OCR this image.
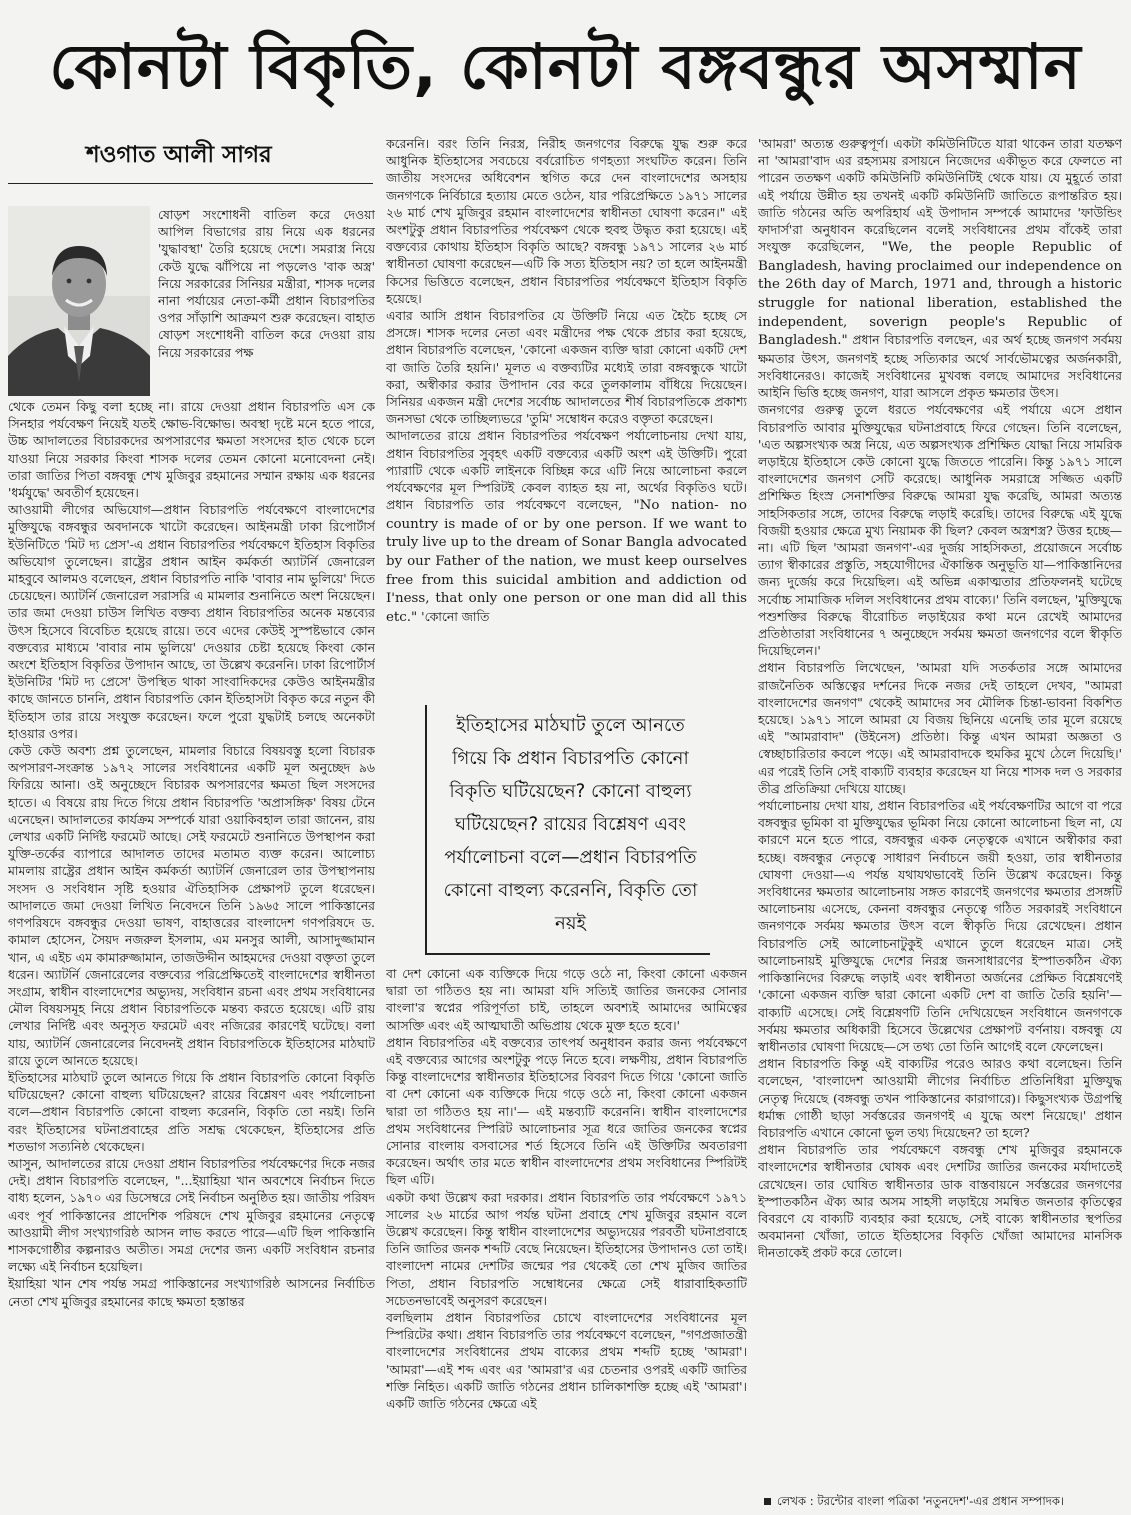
কোনটা বিকৃতি, কোনটা বঙ্গবন্ধুর অসম্মান
শওগাত আলী সাগর

ষোড়শ সংশোধনী বাতিল করে দেওয়া আপিল বিভাগের রায় নিয়ে এক ধরনের 'যুদ্ধাবস্থা' তৈরি হয়েছে দেশে। সমরাস্ত্র নিয়ে কেউ যুদ্ধে ঝাঁপিয়ে না পড়লেও 'বাক অস্ত্র' নিয়ে সরকারের সিনিয়র মন্ত্রীরা, শাসক দলের নানা পর্যায়ের নেতা-কর্মী প্রধান বিচারপতির ওপর সাঁড়াশি আক্রমণ শুরু করেছেন। বাহাত ষোড়শ সংশোধনী বাতিল করে দেওয়া রায় নিয়ে সরকারের পক্ষ

থেকে তেমন কিছু বলা হচ্ছে না। রায়ে দেওয়া প্রধান বিচারপতি এস কে সিনহার পর্যবেক্ষণ নিয়েই যতই ক্ষোভ-বিক্ষোভ। অবস্থা দৃষ্টে মনে হতে পারে, উচ্চ আদালতের বিচারকদের অপসারণের ক্ষমতা সংসদের হাত থেকে চলে যাওয়া নিয়ে সরকার কিংবা শাসক দলের তেমন কোনো মনোবেদনা নেই। তারা জাতির পিতা বঙ্গবন্ধু শেখ মুজিবুর রহমানের সম্মান রক্ষায় এক ধরনের 'ধর্মযুদ্ধে' অবতীর্ণ হয়েছেন।

আওয়ামী লীগের অভিযোগ—প্রধান বিচারপতি পর্যবেক্ষণে বাংলাদেশের মুক্তিযুদ্ধে বঙ্গবন্ধুর অবদানকে খাটো করেছেন। আইনমন্ত্রী ঢাকা রিপোর্টার্স ইউনিটিতে 'মিট দ্য প্রেস'-এ প্রধান বিচারপতির পর্যবেক্ষণে ইতিহাস বিকৃতির অভিযোগ তুলেছেন। রাষ্ট্রের প্রধান আইন কর্মকর্তা অ্যাটর্নি জেনারেল মাহবুবে আলমও বলেছেন, প্রধান বিচারপতি নাকি 'বাবার নাম ভুলিয়ে' দিতে চেয়েছেন। অ্যাটর্নি জেনারেল সরাসরি এ মামলার শুনানিতে অংশ নিয়েছেন। তার জমা দেওয়া চাউস লিখিত বক্তব্য প্রধান বিচারপতির অনেক মন্তব্যের উৎস হিসেবে বিবেচিত হয়েছে রায়ে। তবে এদের কেউই সুস্পষ্টভাবে কোন বক্তব্যের মাধ্যমে 'বাবার নাম ভুলিয়ে' দেওয়ার চেষ্টা হয়েছে কিংবা কোন অংশে ইতিহাস বিকৃতির উপাদান আছে, তা উল্লেখ করেননি। ঢাকা রিপোর্টার্স ইউনিটির 'মিট দ্য প্রেসে' উপস্থিত থাকা সাংবাদিকদের কেউও আইনমন্ত্রীর কাছে জানতে চাননি, প্রধান বিচারপতি কোন ইতিহাসটা বিকৃত করে নতুন কী ইতিহাস তার রায়ে সংযুক্ত করেছেন। ফলে পুরো যুদ্ধটাই চলছে অনেকটা হাওয়ার ওপর।

কেউ কেউ অবশ্য প্রশ্ন তুলেছেন, মামলার বিচারে বিষয়বস্তু হলো বিচারক অপসারণ-সংক্রান্ত ১৯৭২ সালের সংবিধানের একটি মূল অনুচ্ছেদ ৯৬ ফিরিয়ে আনা। ওই অনুচ্ছেদে বিচারক অপসারণের ক্ষমতা ছিল সংসদের হাতে। এ বিষয়ে রায় দিতে গিয়ে প্রধান বিচারপতি 'অপ্রাসঙ্গিক' বিষয় টেনে এনেছেন। আদালতের কার্যক্রম সম্পর্কে যারা ওয়াকিবহাল তারা জানেন, রায় লেখার একটি নির্দিষ্ট ফরমেট আছে। সেই ফরমেটে শুনানিতে উপস্থাপন করা যুক্তি-তর্কের ব্যাপারে আদালত তাদের মতামত ব্যক্ত করেন। আলোচ্য মামলায় রাষ্ট্রের প্রধান আইন কর্মকর্তা অ্যাটর্নি জেনারেল তার উপস্থাপনায় সংসদ ও সংবিধান সৃষ্টি হওয়ার ঐতিহাসিক প্রেক্ষাপট তুলে ধরেছেন। আদালতে জমা দেওয়া লিখিত নিবেদনে তিনি ১৯৬৫ সালে পাকিস্তানের গণপরিষদে বঙ্গবন্ধুর দেওয়া ভাষণ, বাহাত্তরের বাংলাদেশ গণপরিষদে ড. কামাল হোসেন, সৈয়দ নজরুল ইসলাম, এম মনসুর আলী, আসাদুজ্জামান খান, এ এইচ এম কামারুজ্জামান, তাজউদ্দীন আহমদের দেওয়া বক্তৃতা তুলে ধরেন। অ্যাটর্নি জেনারেলের বক্তব্যের পরিপ্রেক্ষিতেই বাংলাদেশের স্বাধীনতা সংগ্রাম, স্বাধীন বাংলাদেশের অভ্যুদয়, সংবিধান রচনা এবং প্রথম সংবিধানের মৌল বিষয়সমূহ নিয়ে প্রধান বিচারপতিকে মন্তব্য করতে হয়েছে। এটি রায় লেখার নির্দিষ্ট এবং অনুসৃত ফরমেট এবং নজিরের কারণেই ঘটেছে। বলা যায়, অ্যাটর্নি জেনারেলের নিবেদনই প্রধান বিচারপতিকে ইতিহাসের মাঠঘাট রায়ে তুলে আনতে হয়েছে।

ইতিহাসের মাঠঘাট তুলে আনতে গিয়ে কি প্রধান বিচারপতি কোনো বিকৃতি ঘটিয়েছেন? কোনো বাহুল্য ঘটিয়েছেন? রায়ের বিশ্লেষণ এবং পর্যালোচনা বলে—প্রধান বিচারপতি কোনো বাহুল্য করেননি, বিকৃতি তো নয়ই। তিনি বরং ইতিহাসের ঘটনাপ্রবাহের প্রতি সশ্রদ্ধ থেকেছেন, ইতিহাসের প্রতি শতভাগ সত্যনিষ্ঠ থেকেছেন।

আসুন, আদালতের রায়ে দেওয়া প্রধান বিচারপতির পর্যবেক্ষণের দিকে নজর দেই। প্রধান বিচারপতি বলেছেন, "...ইয়াহিয়া খান অবশেষে নির্বাচন দিতে বাধ্য হলেন, ১৯৭০ এর ডিসেম্বরে সেই নির্বাচন অনুষ্ঠিত হয়। জাতীয় পরিষদ এবং পূর্ব পাকিস্তানের প্রাদেশিক পরিষদে শেখ মুজিবুর রহমানের নেতৃত্বে আওয়ামী লীগ সংখ্যাগরিষ্ঠ আসন লাভ করতে পারে—এটি ছিল পাকিস্তানি শাসকগোষ্ঠীর কল্পনারও অতীত। সমগ্র দেশের জন্য একটি সংবিধান রচনার লক্ষ্যে এই নির্বাচন হয়েছিল।

ইয়াহিয়া খান শেষ পর্যন্ত সমগ্র পাকিস্তানের সংখ্যাগরিষ্ঠ আসনের নির্বাচিত নেতা শেখ মুজিবুর রহমানের কাছে ক্ষমতা হস্তান্তর

করেননি। বরং তিনি নিরস্ত্র, নিরীহ জনগণের বিরুদ্ধে যুদ্ধ শুরু করে আধুনিক ইতিহাসের সবচেয়ে বর্বরোচিত গণহত্যা সংঘটিত করেন। তিনি জাতীয় সংসদের অধিবেশন স্থগিত করে দেন বাংলাদেশের অসহায় জনগণকে নির্বিচারে হত্যায় মেতে ওঠেন, যার পরিপ্রেক্ষিতে ১৯৭১ সালের ২৬ মার্চ শেখ মুজিবুর রহমান বাংলাদেশের স্বাধীনতা ঘোষণা করেন।" এই অংশটুকু প্রধান বিচারপতির পর্যবেক্ষণ থেকে হুবহু উদ্ধৃত করা হয়েছে। এই বক্তব্যের কোথায় ইতিহাস বিকৃতি আছে? বঙ্গবন্ধু ১৯৭১ সালের ২৬ মার্চ স্বাধীনতা ঘোষণা করেছেন—এটি কি সত্য ইতিহাস নয়? তা হলে আইনমন্ত্রী কিসের ভিত্তিতে বলেছেন, প্রধান বিচারপতির পর্যবেক্ষণে ইতিহাস বিকৃতি হয়েছে।

এবার আসি প্রধান বিচারপতির যে উক্তিটি নিয়ে এত হৈচৈ হচ্ছে সে প্রসঙ্গে। শাসক দলের নেতা এবং মন্ত্রীদের পক্ষ থেকে প্রচার করা হয়েছে, প্রধান বিচারপতি বলেছেন, 'কোনো একজন ব্যক্তি দ্বারা কোনো একটি দেশ বা জাতি তৈরি হয়নি।' মূলত এ বক্তব্যটির মধ্যেই তারা বঙ্গবন্ধুকে খাটো করা, অস্বীকার করার উপাদান বের করে তুলকালাম বাঁধিয়ে দিয়েছেন। সিনিয়র একজন মন্ত্রী দেশের সর্বোচ্চ আদালতের শীর্ষ বিচারপতিকে প্রকাশ্য জনসভা থেকে তাচ্ছিল্যভরে 'তুমি' সম্বোধন করেও বক্তৃতা করেছেন।

আদালতের রায়ে প্রধান বিচারপতির পর্যবেক্ষণ পর্যালোচনায় দেখা যায়, প্রধান বিচারপতির সুবৃহৎ একটি বক্তব্যের একটি অংশ এই উক্তিটি। পুরো প্যারাটি থেকে একটি লাইনকে বিচ্ছিন্ন করে এটি নিয়ে আলোচনা করলে পর্যবেক্ষণের মূল স্পিরিটই কেবল ব্যাহত হয় না, অর্থের বিকৃতিও ঘটে। প্রধান বিচারপতি তার পর্যবেক্ষণে বলেছেন, "No nation- no country is made of or by one person. If we want to truly live up to the dream of Sonar Bangla advocated by our Father of the nation, we must keep ourselves free from this suicidal ambition and addiction od I'ness, that only one person or one man did all this etc." 'কোনো জাতি

ইতিহাসের মাঠঘাট তুলে আনতে গিয়ে কি প্রধান বিচারপতি কোনো বিকৃতি ঘটিয়েছেন? কোনো বাহুল্য ঘটিয়েছেন? রায়ের বিশ্লেষণ এবং পর্যালোচনা বলে—প্রধান বিচারপতি কোনো বাহুল্য করেননি, বিকৃতি তো নয়ই

বা দেশ কোনো এক ব্যক্তিকে দিয়ে গড়ে ওঠে না, কিংবা কোনো একজন দ্বারা তা গঠিতও হয় না। আমরা যদি সত্যিই জাতির জনকের সোনার বাংলা'র স্বপ্নের পরিপূর্ণতা চাই, তাহলে অবশ্যই আমাদের আমিত্বের আসক্তি এবং এই আত্মঘাতী অভিপ্রায় থেকে মুক্ত হতে হবে।'

প্রধান বিচারপতির এই বক্তব্যের তাৎপর্য অনুধাবন করার জন্য পর্যবেক্ষণে এই বক্তব্যের আগের অংশটুকু পড়ে নিতে হবে। লক্ষণীয়, প্রধান বিচারপতি কিন্তু বাংলাদেশের স্বাধীনতার ইতিহাসের বিবরণ দিতে গিয়ে 'কোনো জাতি বা দেশ কোনো এক ব্যক্তিকে দিয়ে গড়ে ওঠে না, কিংবা কোনো একজন দ্বারা তা গঠিতও হয় না।'— এই মন্তব্যটি করেননি। স্বাধীন বাংলাদেশের প্রথম সংবিধানের স্পিরিট আলোচনার সূত্র ধরে জাতির জনকের স্বপ্নের সোনার বাংলায় বসবাসের শর্ত হিসেবে তিনি এই উক্তিটির অবতারণা করেছেন। অর্থাৎ তার মতে স্বাধীন বাংলাদেশের প্রথম সংবিধানের স্পিরিটই ছিল এটি।

একটা কথা উল্লেখ করা দরকার। প্রধান বিচারপতি তার পর্যবেক্ষণে ১৯৭১ সালের ২৬ মার্চের আগ পর্যন্ত ঘটনা প্রবাহে শেখ মুজিবুর রহমান বলে উল্লেখ করেছেন। কিন্তু স্বাধীন বাংলাদেশের অভ্যুদয়ের পরবর্তী ঘটনাপ্রবাহে তিনি জাতির জনক শব্দটি বেছে নিয়েছেন। ইতিহাসের উপাদানও তো তাই। বাংলাদেশ নামের দেশটির জন্মের পর থেকেই তো শেখ মুজিব জাতির পিতা, প্রধান বিচারপতি সম্বোধনের ক্ষেত্রে সেই ধারাবাহিকতাটি সচেতনভাবেই অনুসরণ করেছেন।

বলছিলাম প্রধান বিচারপতির চোখে বাংলাদেশের সংবিধানের মূল স্পিরিটের কথা। প্রধান বিচারপতি তার পর্যবেক্ষণে বলেছেন, "গণপ্রজাতন্ত্রী বাংলাদেশের সংবিধানের প্রথম বাক্যের প্রথম শব্দটি হচ্ছে 'আমরা'। 'আমরা'—এই শব্দ এবং এর 'আমরা'র এর চেতনার ওপরই একটি জাতির শক্তি নিহিত। একটি জাতি গঠনের প্রধান চালিকাশক্তি হচ্ছে এই 'আমরা'। একটি জাতি গঠনের ক্ষেত্রে এই

'আমরা' অত্যন্ত গুরুত্বপূর্ণ। একটা কমিউনিটিতে যারা থাকেন তারা যতক্ষণ না 'আমরা'বাদ এর রহস্যময় রসায়নে নিজেদের একীভূত করে ফেলতে না পারেন ততক্ষণ একটি কমিউনিটি কমিউনিটিই থেকে যায়। যে মুহূর্তে তারা এই পর্যায়ে উন্নীত হয় তখনই একটি কমিউনিটি জাতিতে রূপান্তরিত হয়। জাতি গঠনের অতি অপরিহার্য এই উপাদান সম্পর্কে আমাদের 'ফাউন্ডিং ফাদার্স'রা অনুধাবন করেছিলেন বলেই সংবিধানের প্রথম বাঁকেই তারা সংযুক্ত করেছিলেন, "We, the people Republic of Bangladesh, having proclaimed our independence on the 26th day of March, 1971 and, through a historic struggle for national liberation, established the independent, soverign people's Republic of Bangladesh." প্রধান বিচারপতি বলছেন, এর অর্থ হচ্ছে জনগণ সর্বময় ক্ষমতার উৎস, জনগণই হচ্ছে সত্যিকার অর্থে সার্বভৌমত্বের অর্জনকারী, সংবিধানেরও। কাজেই সংবিধানের মুখবন্ধ বলছে আমাদের সংবিধানের আইনি ভিত্তি হচ্ছে জনগণ, যারা আসলে প্রকৃত ক্ষমতার উৎস।

জনগণের গুরুত্ব তুলে ধরতে পর্যবেক্ষণের এই পর্যায়ে এসে প্রধান বিচারপতি আবার মুক্তিযুদ্ধের ঘটনাপ্রবাহে ফিরে গেছেন। তিনি বলেছেন, 'এত অল্পসংখ্যক অস্ত্র নিয়ে, এত অল্পসংখ্যক প্রশিক্ষিত যোদ্ধা নিয়ে সামরিক লড়াইয়ে ইতিহাসে কেউ কোনো যুদ্ধে জিততে পারেনি। কিন্তু ১৯৭১ সালে বাংলাদেশের জনগণ সেটি করেছে। আধুনিক সমরাস্ত্রে সজ্জিত একটি প্রশিক্ষিত হিংস্র সেনাশক্তির বিরুদ্ধে আমরা যুদ্ধ করেছি, আমরা অত্যন্ত সাহসিকতার সঙ্গে, তাদের বিরুদ্ধে লড়াই করেছি। তাদের বিরুদ্ধে এই যুদ্ধে বিজয়ী হওয়ার ক্ষেত্রে মুখ্য নিয়ামক কী ছিল? কেবল অস্ত্রশস্ত্র? উত্তর হচ্ছে—না। এটি ছিল 'আমরা জনগণ'-এর দুর্জয় সাহসিকতা, প্রয়োজনে সর্বোচ্চ ত্যাগ স্বীকারের প্রস্তুতি, সহযোগীদের ঐকান্তিক অনুভূতি যা—পাকিস্তানিদের জন্য দুর্জেয় করে দিয়েছিল। এই অভিন্ন একাত্মতার প্রতিফলনই ঘটেছে সর্বোচ্চ সামাজিক দলিল সংবিধানের প্রথম বাক্যে।' তিনি বলছেন, 'মুক্তিযুদ্ধে পশুশক্তির বিরুদ্ধে বীরোচিত লড়াইয়ের কথা মনে রেখেই আমাদের প্রতিষ্ঠাতারা সংবিধানের ৭ অনুচ্ছেদে সর্বময় ক্ষমতা জনগণের বলে স্বীকৃতি দিয়েছিলেন।'

প্রধান বিচারপতি লিখেছেন, 'আমরা যদি সতর্কতার সঙ্গে আমাদের রাজনৈতিক অস্তিত্বের দর্শনের দিকে নজর দেই তাহলে দেখব, "আমরা বাংলাদেশের জনগণ" থেকেই আমাদের সব মৌলিক চিন্তা-ভাবনা বিকশিত হয়েছে। ১৯৭১ সালে আমরা যে বিজয় ছিনিয়ে এনেছি তার মূলে রয়েছে এই "আমরাবাদ" (উইনেস) প্রতিষ্ঠা। কিন্তু এখন আমরা অজ্ঞতা ও স্বেচ্ছাচারিতার কবলে পড়ে। এই আমরাবাদকে হুমকির মুখে ঠেলে দিয়েছি।' এর পরেই তিনি সেই বাক্যটি ব্যবহার করেছেন যা নিয়ে শাসক দল ও সরকার তীব্র প্রতিক্রিয়া দেখিয়ে যাচ্ছে।

পর্যালোচনায় দেখা যায়, প্রধান বিচারপতির এই পর্যবেক্ষণটির আগে বা পরে বঙ্গবন্ধুর ভূমিকা বা মুক্তিযুদ্ধের ভূমিকা নিয়ে কোনো আলোচনা ছিল না, যে কারণে মনে হতে পারে, বঙ্গবন্ধুর একক নেতৃত্বকে এখানে অস্বীকার করা হচ্ছে। বঙ্গবন্ধুর নেতৃত্বে সাধারণ নির্বাচনে জয়ী হওয়া, তার স্বাধীনতার ঘোষণা দেওয়া—এ পর্যন্ত যথাযথভাবেই তিনি উল্লেখ করেছেন। কিন্তু সংবিধানের ক্ষমতার আলোচনায় সঙ্গত কারণেই জনগণের ক্ষমতার প্রসঙ্গটি আলোচনায় এসেছে, কেননা বঙ্গবন্ধুর নেতৃত্বে গঠিত সরকারই সংবিধানে জনগণকে সর্বময় ক্ষমতার উৎস বলে স্বীকৃতি দিয়ে রেখেছেন। প্রধান বিচারপতি সেই আলোচনাটুকুই এখানে তুলে ধরেছেন মাত্র। সেই আলোচনায়ই মুক্তিযুদ্ধে দেশের নিরস্ত্র জনসাধারণের ইস্পাতকঠিন ঐক্য পাকিস্তানিদের বিরুদ্ধে লড়াই এবং স্বাধীনতা অর্জনের প্রেক্ষিত বিশ্লেষণেই 'কোনো একজন ব্যক্তি দ্বারা কোনো একটি দেশ বা জাতি তৈরি হয়নি'—বাক্যটি এসেছে। সেই বিশ্লেষণটি তিনি দেখিয়েছেন সংবিধানে জনগণকে সর্বময় ক্ষমতার অধিকারী হিসেবে উল্লেখের প্রেক্ষাপট বর্ণনায়। বঙ্গবন্ধু যে স্বাধীনতার ঘোষণা দিয়েছে—সে তথ্য তো তিনি আগেই বলে ফেলেছেন।

প্রধান বিচারপতি কিন্তু এই বাক্যটির পরেও আরও কথা বলেছেন। তিনি বলেছেন, 'বাংলাদেশ আওয়ামী লীগের নির্বাচিত প্রতিনিধিরা মুক্তিযুদ্ধ নেতৃত্ব দিয়েছে (বঙ্গবন্ধু তখন পাকিস্তানের কারাগারে)। কিছুসংখ্যক উগ্রপন্থি ধর্মান্ধ গোষ্ঠী ছাড়া সর্বস্তরের জনগণই এ যুদ্ধে অংশ নিয়েছে।' প্রধান বিচারপতি এখানে কোনো ভুল তথ্য দিয়েছেন? তা হলে?

প্রধান বিচারপতি তার পর্যবেক্ষণে বঙ্গবন্ধু শেখ মুজিবুর রহমানকে বাংলাদেশের স্বাধীনতার ঘোষক এবং দেশটির জাতির জনকের মর্যাদাতেই রেখেছেন। তার ঘোষিত স্বাধীনতার ডাক বাস্তবায়নে সর্বস্তরের জনগণের ইস্পাতকঠিন ঐক্য আর অসম সাহসী লড়াইয়ে সমন্বিত জনতার কৃতিত্বের বিবরণে যে বাক্যটি ব্যবহার করা হয়েছে, সেই বাক্যে স্বাধীনতার স্থপতির অবমাননা খোঁজা, তাতে ইতিহাসের বিকৃতি খোঁজা আমাদের মানসিক দীনতাকেই প্রকট করে তোলে।

লেখক : টরন্টোর বাংলা পত্রিকা 'নতুনদেশ'-এর প্রধান সম্পাদক।
